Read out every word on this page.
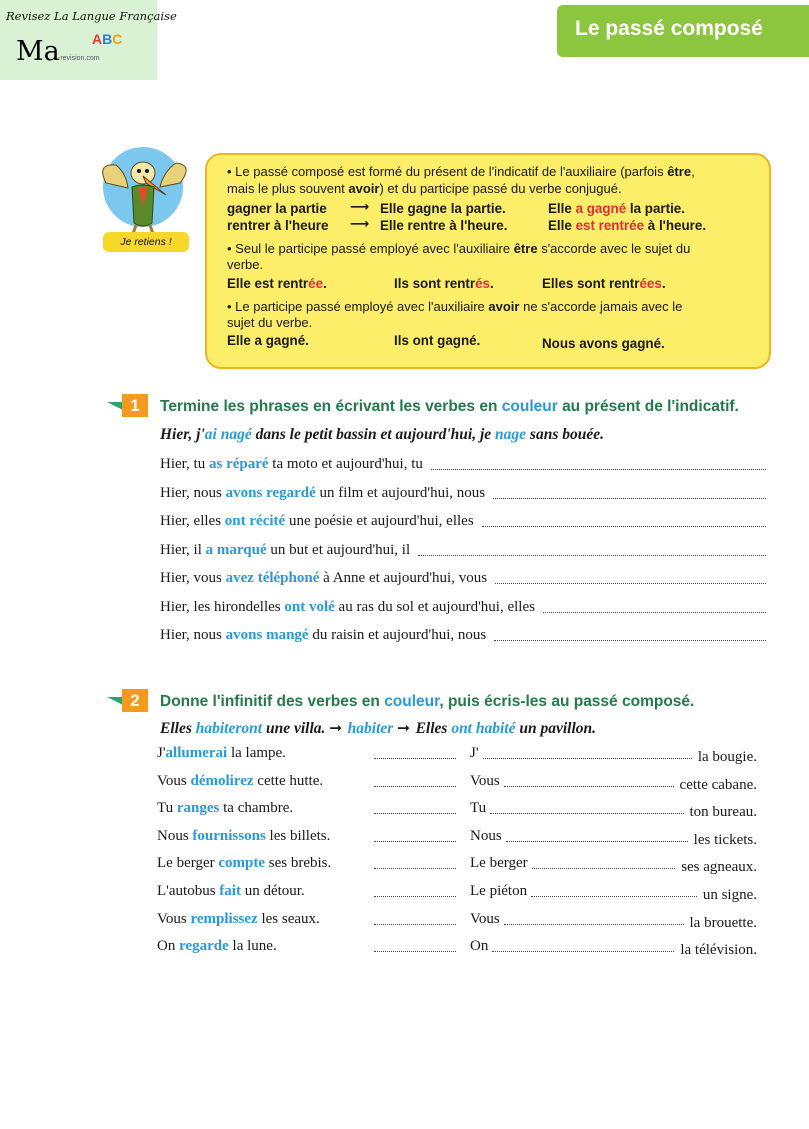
Revisez La Langue Française
Ma ABC
-revision.com
Le passé composé
Je retiens !
• Le passé composé est formé du présent de l'indicatif de l'auxiliaire (parfois être,
mais le plus souvent avoir) et du participe passé du verbe conjugué.
gagner la partie ⟶ Elle gagne la partie.	Elle a gagné la partie.
rentrer à l'heure ⟶ Elle rentre à l'heure.	Elle est rentrée à l'heure.
• Seul le participe passé employé avec l'auxiliaire être s'accorde avec le sujet du
verbe.
Elle est rentrée.	Ils sont rentrés.	Elles sont rentrées.
• Le participe passé employé avec l'auxiliaire avoir ne s'accorde jamais avec le
sujet du verbe.
Elle a gagné.	Ils ont gagné.	Nous avons gagné.
1	Termine les phrases en écrivant les verbes en couleur au présent de l'indicatif.
Hier, j'ai nagé dans le petit bassin et aujourd'hui, je nage sans bouée.
Hier, tu as réparé ta moto et aujourd'hui, tu
Hier, nous avons regardé un film et aujourd'hui, nous
Hier, elles ont récité une poésie et aujourd'hui, elles
Hier, il a marqué un but et aujourd'hui, il
Hier, vous avez téléphoné à Anne et aujourd'hui, vous
Hier, les hirondelles ont volé au ras du sol et aujourd'hui, elles
Hier, nous avons mangé du raisin et aujourd'hui, nous
2	Donne l'infinitif des verbes en couleur, puis écris-les au passé composé.
Elles habiteront une villa. ➞ habiter ➞ Elles ont habité un pavillon.
J'allumerai la lampe.	J'	la bougie.
Vous démolirez cette hutte.	Vous	cette cabane.
Tu ranges ta chambre.	Tu	ton bureau.
Nous fournissons les billets.	Nous	les tickets.
Le berger compte ses brebis.	Le berger	ses agneaux.
L'autobus fait un détour.	Le piéton	un signe.
Vous remplissez les seaux.	Vous	la brouette.
On regarde la lune.	On	la télévision.
